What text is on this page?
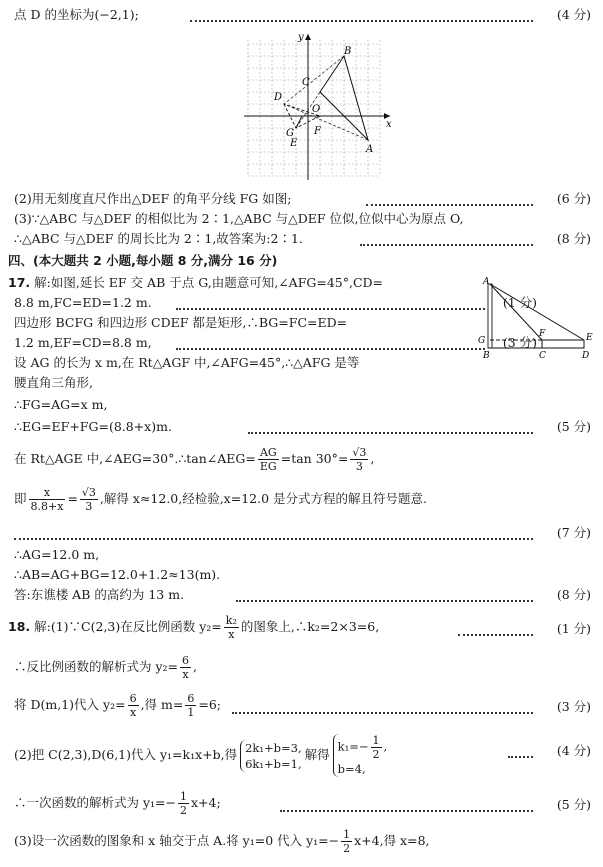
点 D 的坐标为(−2,1);	(4 分)
y
x
B
C
D
O
G F
E
A
(2)用无刻度直尺作出△DEF 的角平分线 FG 如图;	(6 分)
(3)∵△ABC 与△DEF 的相似比为 2∶1,△ABC 与△DEF 位似,位似中心为原点 O,
∴△ABC 与△DEF 的周长比为 2∶1,故答案为:2∶1.	(8 分)
四、(本大题共 2 小题,每小题 8 分,满分 16 分)
17. 解:如图,延长 EF 交 AB 于点 G,由题意可知,∠AFG=45°,CD=
8.8 m,FC=ED=1.2 m.	(1 分)
四边形 BCFG 和四边形 CDEF 都是矩形,∴BG=FC=ED=
1.2 m,EF=CD=8.8 m,	(3 分)
设 AG 的长为 x m,在 Rt△AGF 中,∠AFG=45°,∴△AFG 是等
腰直角三角形,
∴FG=AG=x m,
∴EG=EF+FG=(8.8+x)m.	(5 分)
在 Rt△AGE 中,∠AEG=30°.∴tan∠AEG= $\frac{AG}{EG} =\tan$ $30^\circ= \frac{√3}{3}$ ,
即 $\frac{x}{8.8+x} = \frac{√3}{3}$ ,解得 x≈12.0,经检验,x=12.0 是分式方程的解且符号题意.
(7 分)
∴AG=12.0 m,
∴AB=AG+BG=12.0+1.2≈13(m).
答:东谯楼 AB 的高约为 13 m.	(8 分)
A
G
F	E
B	C	D
18. 解:(1)∵C(2,3)在反比例函数 $y_2= \frac{\text{k₂}}{x}$ 的图象上,∴k₂=2×3=6,	(1 分)
∴反比例函数的解析式为 $y_2= \frac{6}{x}$ ,
将 D(m,1)代入 $y_2= \frac{6}{x}$ ,得 $m= \frac{6}{1} =6$;	(3 分)
(2)把 C(2,3),D(6,1)代入 y₁=k₁x+b,得 2k₁+b=3,
6k₁+b=1,
解得
$k_1=- \frac{1}{2}$ ,
b=4,
(4 分)
∴一次函数的解析式为 $y_1=- \frac{1}{2} x+4$;	(5 分)
(3)设一次函数的图象和 x 轴交于点 A.将 y₁=0 代入 $y_1=- \frac{1}{2} x+4$,得 x=8,
